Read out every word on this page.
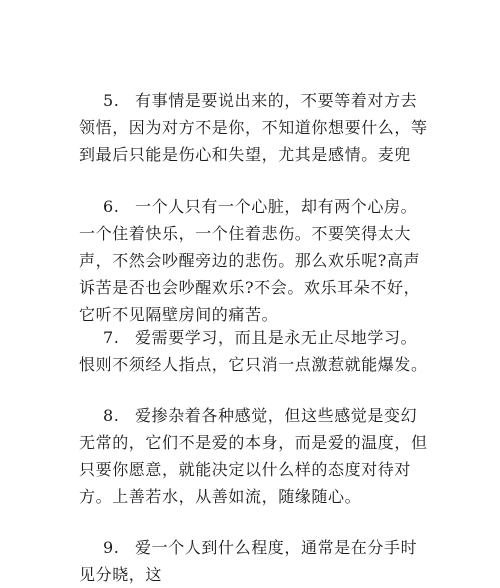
5. 有事情是要说出来的，不要等着对方去领悟，因为对方不是你，不知道你想要什么，等到最后只能是伤心和失望，尤其是感情。麦兜

6. 一个人只有一个心脏，却有两个心房。一个住着快乐，一个住着悲伤。不要笑得太大声，不然会吵醒旁边的悲伤。那么欢乐呢?高声诉苦是否也会吵醒欢乐?不会。欢乐耳朵不好，它听不见隔壁房间的痛苦。

7. 爱需要学习，而且是永无止尽地学习。恨则不须经人指点，它只消一点激惹就能爆发。

8. 爱掺杂着各种感觉，但这些感觉是变幻无常的，它们不是爱的本身，而是爱的温度，但只要你愿意，就能决定以什么样的态度对待对方。上善若水，从善如流，随缘随心。

9. 爱一个人到什么程度，通常是在分手时见分晓，这
